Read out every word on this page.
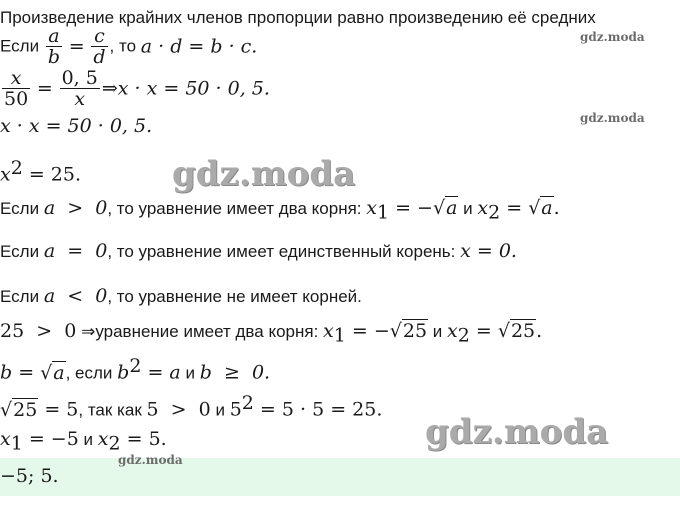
Произведение крайних членов пропорции равно произведению её средних
Если $\frac{a}{b} = \frac{c}{d}$ , то a · d = b · c.
$\frac{x}{50} = \frac{0, 5}{x}$ ⇒x · x = 50 · 0, 5.
x · x = 50 · 0, 5.
$x^2 = 25$.
Если a  >  0, то уравнение имеет два корня: $x_1 = -√a$ и $x_2 = √a$.
Если a  =  0, то уравнение имеет единственный корень: x = 0.
Если a  <  0, то уравнение не имеет корней.
25  >  0 ⇒уравнение имеет два корня: $x_1 = -√25$ и $x_2 = √25$.
b = √a, если $b^2 = a$ и b  ≥  0.
√25 = 5, так как 5  >  0 и $5^2 = 5 \cdot 5 = 25$.
$x_1 = -5$ и $x_2 = 5$.
−5; 5.
gdz.moda
gdz.moda
gdz.moda
gdz.moda
gdz.moda
